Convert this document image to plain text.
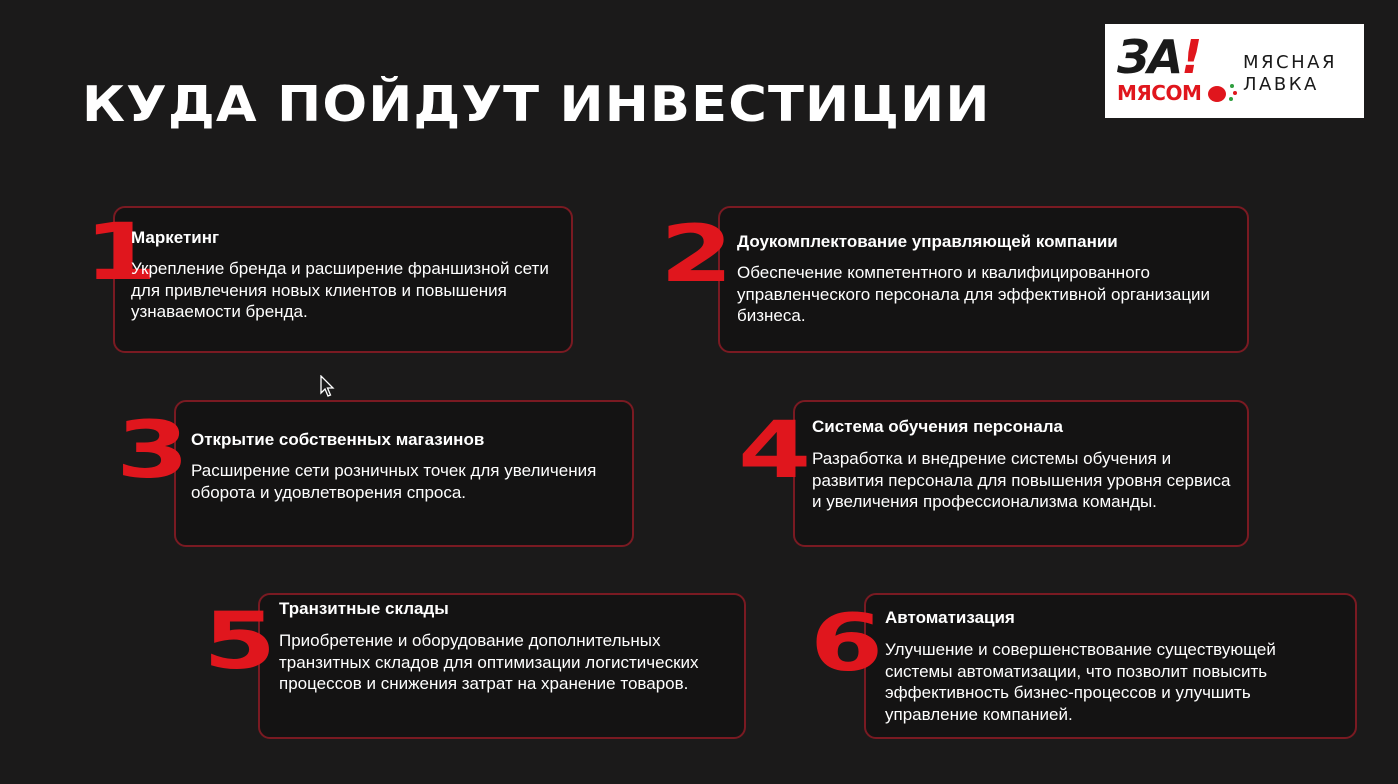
КУДА ПОЙДУТ ИНВЕСТИЦИИ
ЗА!
МЯСОМ
МЯСНАЯ
ЛАВКА
1
Маркетинг
Укрепление бренда и расширение франшизной сети для привлечения новых клиентов и повышения узнаваемости бренда.
2 Доукомплектование управляющей компании
Обеспечение компетентного и квалифицированного управленческого персонала для эффективной организации бизнеса.
3 Открытие собственных магазинов
Расширение сети розничных точек для увеличения оборота и удовлетворения спроса.	4 Система обучения персонала
Разработка и внедрение системы обучения и развития персонала для повышения уровня сервиса и увеличения профессионализма команды.
5 Транзитные склады
Приобретение и оборудование дополнительных транзитных складов для оптимизации логистических процессов и снижения затрат на хранение товаров.	6 Автоматизация
Улучшение и совершенствование существующей системы автоматизации, что позволит повысить эффективность бизнес-процессов и улучшить управление компанией.
